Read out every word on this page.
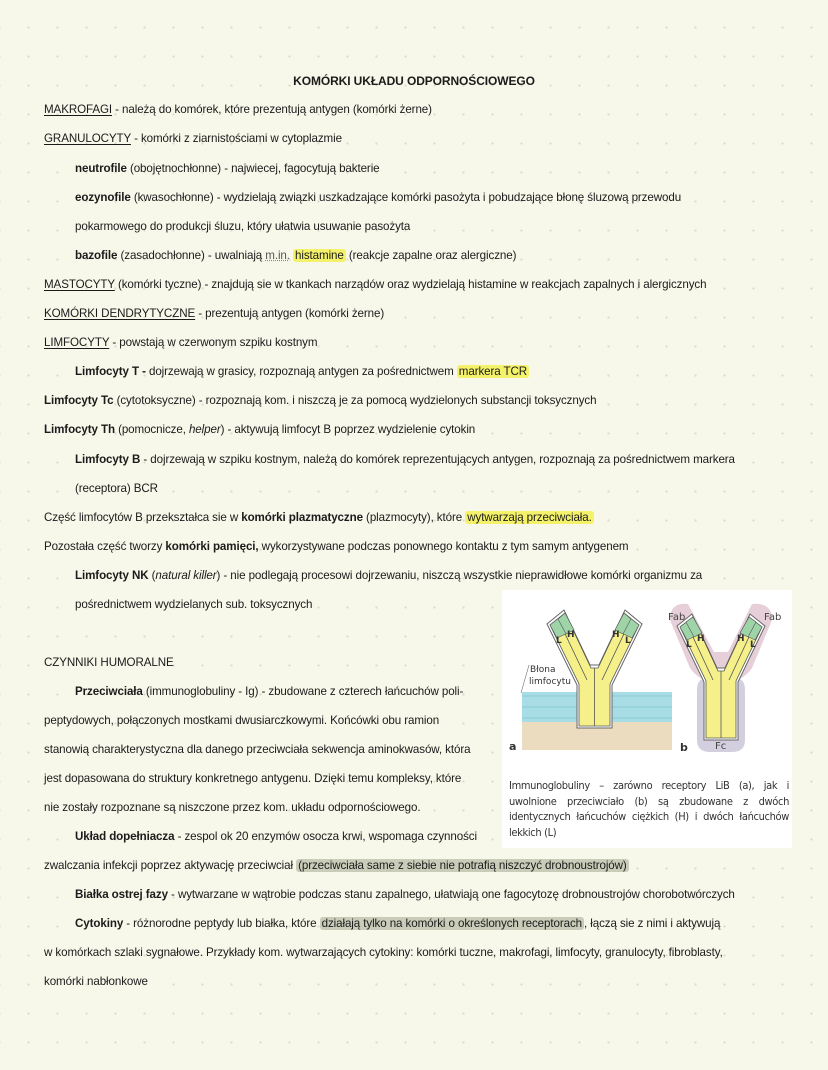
KOMÓRKI UKŁADU ODPORNOŚCIOWEGO
MAKROFAGI - należą do komórek, które prezentują antygen (komórki żerne)
GRANULOCYTY - komórki z ziarnistościami w cytoplazmie
neutrofile (obojętnochłonne) - najwiecej, fagocytują bakterie
eozynofile (kwasochłonne) - wydzielają związki uszkadzające komórki pasożyta i pobudzające błonę śluzową przewodu
pokarmowego do produkcji śluzu, który ułatwia usuwanie pasożyta
bazofile (zasadochłonne) - uwalniają m.in. histamine (reakcje zapalne oraz alergiczne)
MASTOCYTY (komórki tyczne) - znajdują sie w tkankach narządów oraz wydzielają histamine w reakcjach zapalnych i alergicznych
KOMÓRKI DENDRYTYCZNE - prezentują antygen (komórki żerne)
LIMFOCYTY - powstają w czerwonym szpiku kostnym
Limfocyty T - dojrzewają w grasicy, rozpoznają antygen za pośrednictwem markera TCR
Limfocyty Tc (cytotoksyczne) - rozpoznają kom. i niszczą je za pomocą wydzielonych substancji toksycznych
Limfocyty Th (pomocnicze, helper) - aktywują limfocyt B poprzez wydzielenie cytokin
Limfocyty B - dojrzewają w szpiku kostnym, należą do komórek reprezentujących antygen, rozpoznają za pośrednictwem markera
(receptora) BCR
Część limfocytów B przekształca sie w komórki plazmatyczne (plazmocyty), które wytwarzają przeciwciała.
Pozostała część tworzy komórki pamięci, wykorzystywane podczas ponownego kontaktu z tym samym antygenem
Limfocyty NK (natural killer) - nie podlegają procesowi dojrzewaniu, niszczą wszystkie nieprawidłowe komórki organizmu za
pośrednictwem wydzielanych sub. toksycznych
CZYNNIKI HUMORALNE
Przeciwciała (immunoglobuliny - Ig) - zbudowane z czterech łańcuchów poli-
peptydowych, połączonych mostkami dwusiarczkowymi. Końcówki obu ramion
stanowią charakterystyczna dla danego przeciwciała sekwencja aminokwasów, która
jest dopasowana do struktury konkretnego antygenu. Dzięki temu kompleksy, które
nie zostały rozpoznane są niszczone przez kom. układu odpornościowego.
Układ dopełniacza - zespol ok 20 enzymów osocza krwi, wspomaga czynności
zwalczania infekcji poprzez aktywację przeciwciał (przeciwciała same z siebie nie potrafią niszczyć drobnoustrojów)
Białka ostrej fazy - wytwarzane w wątrobie podczas stanu zapalnego, ułatwiają one fagocytozę drobnoustrojów chorobotwórczych
Cytokiny - różnorodne peptydy lub białka, które działają tylko na komórki o określonych receptorach , łączą sie z nimi i aktywują
w komórkach szlaki sygnałowe. Przykłady kom. wytwarzających cytokiny: komórki tuczne, makrofagi, limfocyty, granulocyty, fibroblasty,
komórki nabłonkowe
L
H	H
L
Błona
limfocytu
a
L
H	H
L
Fab	Fab
Fc
b
Immunoglobuliny – zarówno receptory LiB (a), jak i uwolnione przeciwciało (b) są zbudowane z dwóch identycznych łańcuchów ciężkich (H) i dwóch łańcuchów lekkich (L)
